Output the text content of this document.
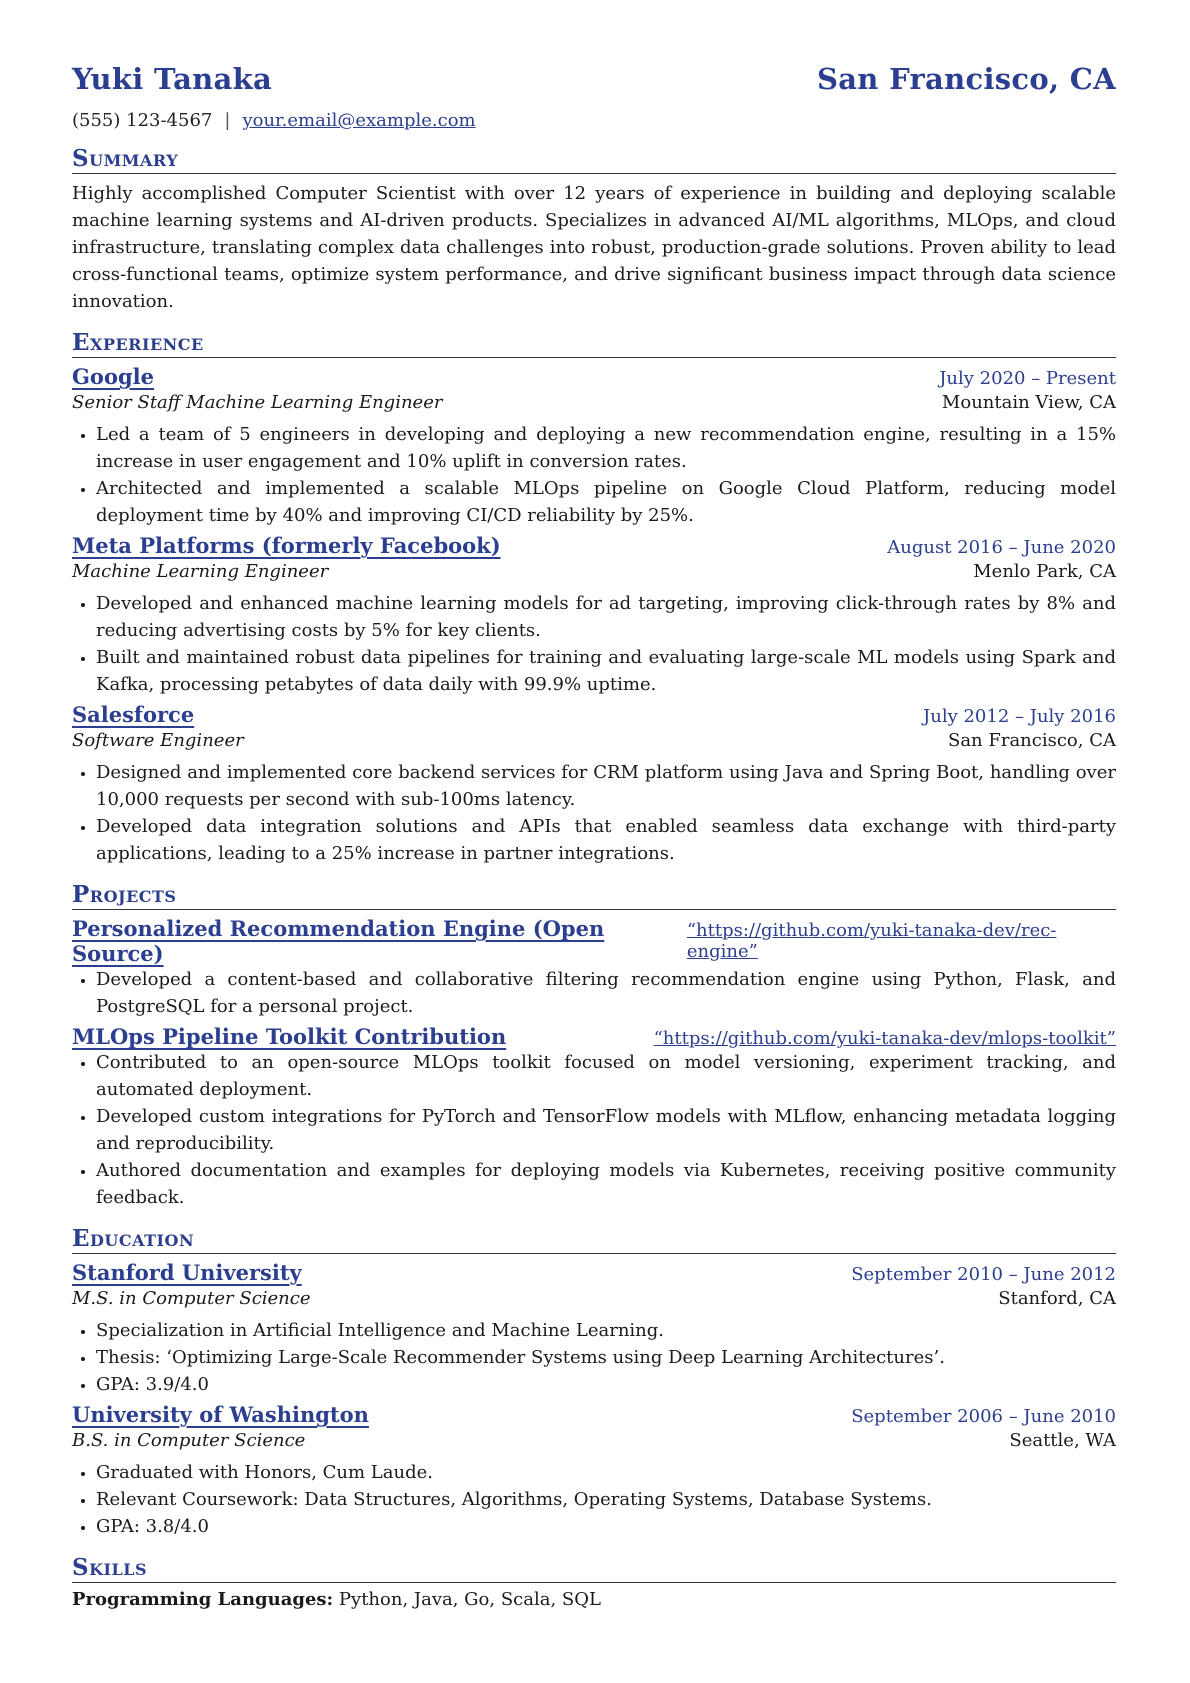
Yuki Tanaka	San Francisco, CA
(555) 123-4567 | your.email@example.com
Summary
Highly accomplished Computer Scientist with over 12 years of experience in building and deploying scalable machine learning systems and AI-driven products. Specializes in advanced AI/ML algorithms, MLOps, and cloud infrastructure, translating complex data challenges into robust, production-grade solutions. Proven ability to lead cross-functional teams, optimize system performance, and drive significant business impact through data science innovation.
Experience
Google	July 2020 – Present
Senior Staff Machine Learning Engineer	Mountain View, CA
• Led a team of 5 engineers in developing and deploying a new recommendation engine, resulting in a 15% increase in user engagement and 10% uplift in conversion rates.
• Architected and implemented a scalable MLOps pipeline on Google Cloud Platform, reducing model deployment time by 40% and improving CI/CD reliability by 25%.
Meta Platforms (formerly Facebook)	August 2016 – June 2020
Machine Learning Engineer	Menlo Park, CA
• Developed and enhanced machine learning models for ad targeting, improving click-through rates by 8% and reducing advertising costs by 5% for key clients.
• Built and maintained robust data pipelines for training and evaluating large-scale ML models using Spark and Kafka, processing petabytes of data daily with 99.9% uptime.
Salesforce	July 2012 – July 2016
Software Engineer	San Francisco, CA
• Designed and implemented core backend services for CRM platform using Java and Spring Boot, handling over 10,000 requests per second with sub-100ms latency.
• Developed data integration solutions and APIs that enabled seamless data exchange with third-party applications, leading to a 25% increase in partner integrations.
Projects
Personalized Recommendation Engine (Open Source)
“https://github.com/yuki-tanaka-dev/rec-engine”
• Developed a content-based and collaborative filtering recommendation engine using Python, Flask, and PostgreSQL for a personal project.
MLOps Pipeline Toolkit Contribution	“https://github.com/yuki-tanaka-dev/mlops-toolkit”
• Contributed to an open-source MLOps toolkit focused on model versioning, experiment tracking, and automated deployment.
• Developed custom integrations for PyTorch and TensorFlow models with MLflow, enhancing metadata logging and reproducibility.
• Authored documentation and examples for deploying models via Kubernetes, receiving positive community feedback.
Education
Stanford University	September 2010 – June 2012
M.S. in Computer Science	Stanford, CA
• Specialization in Artificial Intelligence and Machine Learning.
• Thesis: ‘Optimizing Large-Scale Recommender Systems using Deep Learning Architectures’.
• GPA: 3.9/4.0
University of Washington	September 2006 – June 2010
B.S. in Computer Science	Seattle, WA
• Graduated with Honors, Cum Laude.
• Relevant Coursework: Data Structures, Algorithms, Operating Systems, Database Systems.
• GPA: 3.8/4.0
Skills
Programming Languages: Python, Java, Go, Scala, SQL
